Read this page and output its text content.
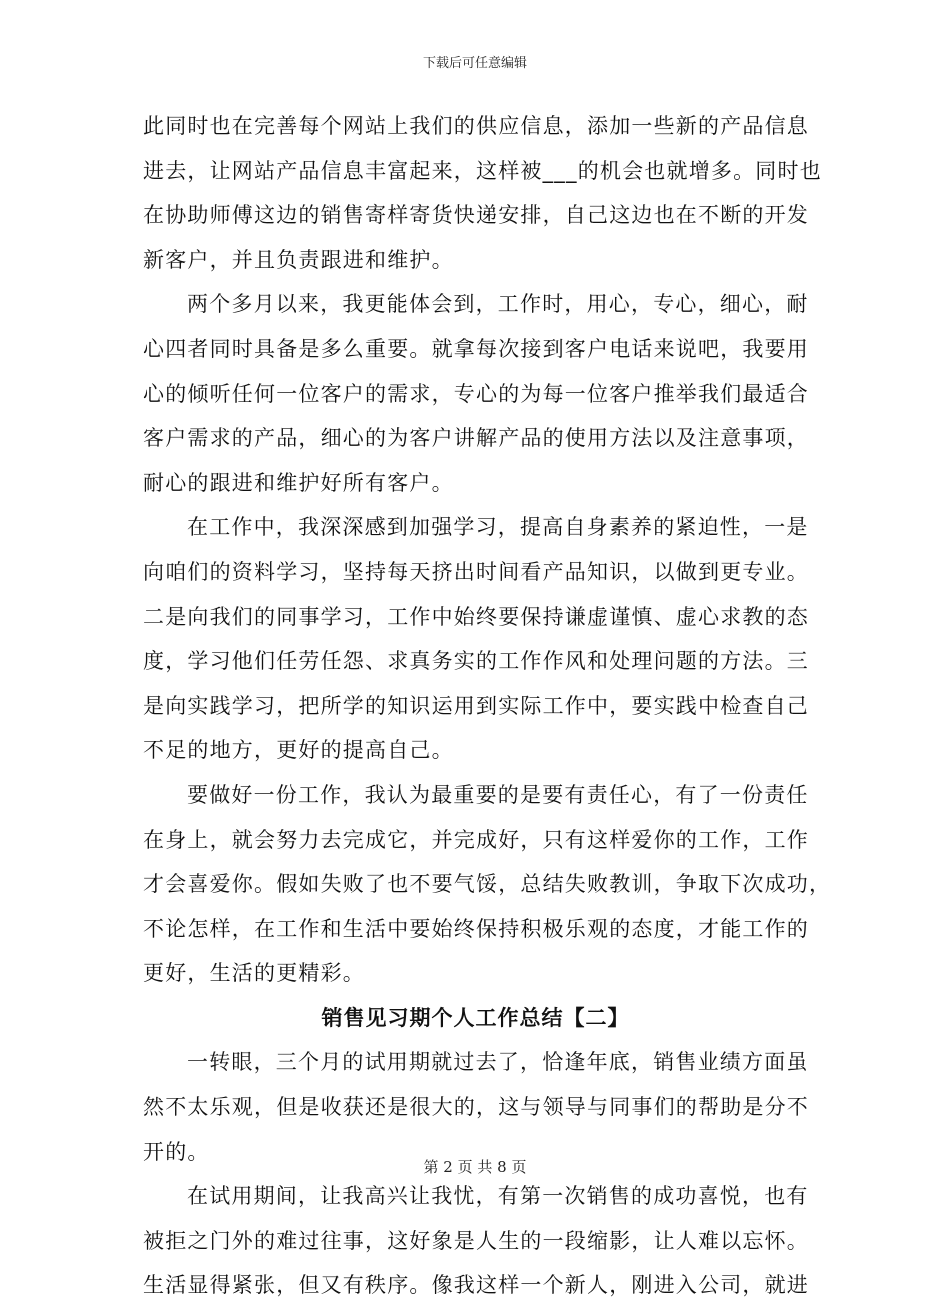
下载后可任意编辑
此同时也在完善每个网站上我们的供应信息，添加一些新的产品信息
进去，让网站产品信息丰富起来，这样被___的机会也就增多。同时也
在协助师傅这边的销售寄样寄货快递安排，自己这边也在不断的开发
新客户，并且负责跟进和维护。
两个多月以来，我更能体会到，工作时，用心，专心，细心，耐
心四者同时具备是多么重要。就拿每次接到客户电话来说吧，我要用
心的倾听任何一位客户的需求，专心的为每一位客户推举我们最适合
客户需求的产品，细心的为客户讲解产品的使用方法以及注意事项，
耐心的跟进和维护好所有客户。
在工作中，我深深感到加强学习，提高自身素养的紧迫性，一是
向咱们的资料学习，坚持每天挤出时间看产品知识，以做到更专业。
二是向我们的同事学习，工作中始终要保持谦虚谨慎、虚心求教的态
度，学习他们任劳任怨、求真务实的工作作风和处理问题的方法。三
是向实践学习，把所学的知识运用到实际工作中，要实践中检查自己
不足的地方，更好的提高自己。
要做好一份工作，我认为最重要的是要有责任心，有了一份责任
在身上，就会努力去完成它，并完成好，只有这样爱你的工作，工作
才会喜爱你。假如失败了也不要气馁，总结失败教训，争取下次成功，
不论怎样，在工作和生活中要始终保持积极乐观的态度，才能工作的
更好，生活的更精彩。
销售见习期个人工作总结【二】
一转眼，三个月的试用期就过去了，恰逢年底，销售业绩方面虽
然不太乐观，但是收获还是很大的，这与领导与同事们的帮助是分不
开的。
在试用期间，让我高兴让我忧，有第一次销售的成功喜悦，也有
被拒之门外的难过往事，这好象是人生的一段缩影，让人难以忘怀。
生活显得紧张，但又有秩序。像我这样一个新人，刚进入公司，就进
第 2 页 共 8 页
